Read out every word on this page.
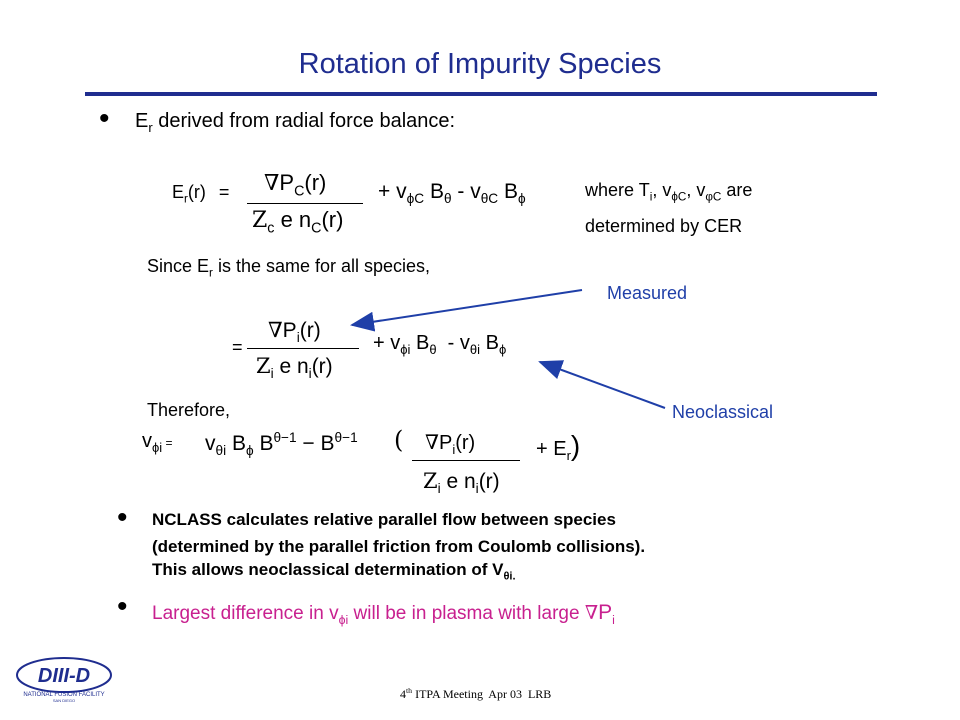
Rotation of Impurity Species
• $E_r$ derived from radial force balance:
$E_r(r) = \nabla P_C(r)$
$Z_c$ e $n_C(r)$
+ $v_{\phi C}$ $B_\theta - v_{\theta C}$ $B_\phi$	where $T_i$, $v_{\phi C}$, $v_{\varphi C}$ are
determined by CER
Since $E_r$ is the same for all species,
Measured
Neoclassical
=
$\nabla P_i(r)$
$Z_i$ e $n_i(r)$
+ $v_{\phi i}$ $B_\theta - v_{\theta i}$ $B_\phi$
Therefore,
$v_{\phi i} = v_{\theta i}$ $B_\phi$ $B^{\theta-1} - B^{\theta-1}$ ( $\nabla P_i(r)$
$Z_i$ e $n_i(r)$
+ $E_r$)
• NCLASS calculates relative parallel flow between species
(determined by the parallel friction from Coulomb collisions).
This allows neoclassical determination of $V_{\theta i.}$
• Largest difference in $v_{\phi i}$ will be in plasma with large $\nabla P_i$
DIII-D
NATIONAL FUSION FACILITY
SAN DIEGO	4th ITPA Meeting  Apr 03  LRB
